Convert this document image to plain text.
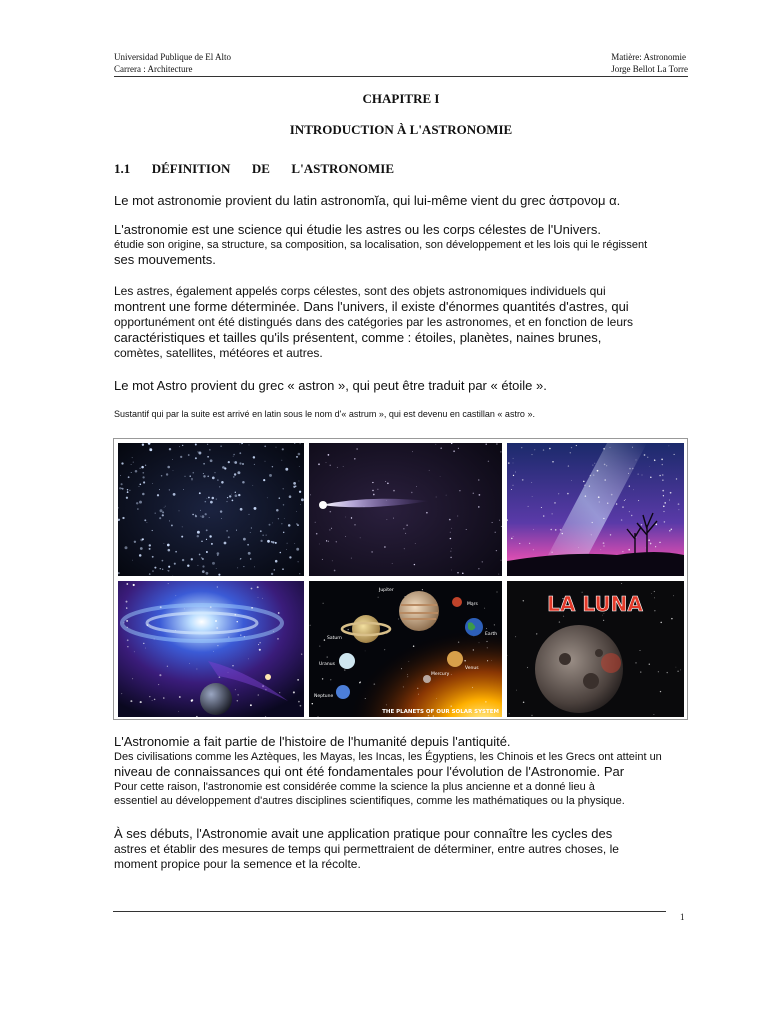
Universidad Publique de El Alto
Carrera : Architecture
Matière: Astronomie
Jorge Bellot La Torre
CHAPITRE I
INTRODUCTION À L'ASTRONOMIE
1.1 DÉFINITION DE L'ASTRONOMIE
Le mot astronomie provient du latin astronomĭa, qui lui-même vient du grec ἀστρονομ α.
L'astronomie est une science qui étudie les astres ou les corps célestes de l'Univers.
étudie son origine, sa structure, sa composition, sa localisation, son développement et les lois qui le régissent
ses mouvements.
Les astres, également appelés corps célestes, sont des objets astronomiques individuels qui
montrent une forme déterminée. Dans l'univers, il existe d'énormes quantités d'astres, qui
opportunément ont été distingués dans des catégories par les astronomes, et en fonction de leurs
caractéristiques et tailles qu'ils présentent, comme : étoiles, planètes, naines brunes,
comètes, satellites, météores et autres.
Le mot Astro provient du grec « astron », qui peut être traduit par « étoile ».
Sustantif qui par la suite est arrivé en latin sous le nom d'« astrum », qui est devenu en castillan « astro ».
Jupiter
Mars
Saturn
Earth
Uranus
Venus
Mercury
Neptune
THE PLANETS OF OUR SOLAR SYSTEM
LA LUNA
L'Astronomie a fait partie de l'histoire de l'humanité depuis l'antiquité.
Des civilisations comme les Aztèques, les Mayas, les Incas, les Égyptiens, les Chinois et les Grecs ont atteint un
niveau de connaissances qui ont été fondamentales pour l'évolution de l'Astronomie. Par
Pour cette raison, l'astronomie est considérée comme la science la plus ancienne et a donné lieu à
essentiel au développement d'autres disciplines scientifiques, comme les mathématiques ou la physique.
À ses débuts, l'Astronomie avait une application pratique pour connaître les cycles des
astres et établir des mesures de temps qui permettraient de déterminer, entre autres choses, le
moment propice pour la semence et la récolte.
1
